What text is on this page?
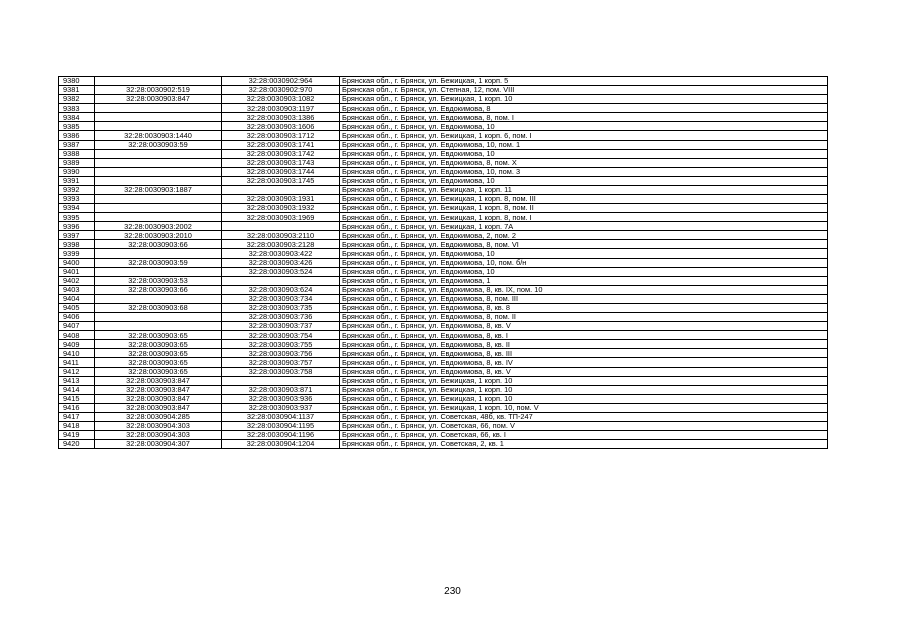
9380		32:28:0030902:964	Брянская обл., г. Брянск, ул. Бежицкая, 1 корп. 5
9381	32:28:0030902:519	32:28:0030902:970	Брянская обл., г. Брянск, ул. Степная, 12, пом. VIII
9382	32:28:0030903:847	32:28:0030903:1082	Брянская обл., г. Брянск, ул. Бежицкая, 1 корп. 10
9383		32:28:0030903:1197	Брянская обл., г. Брянск, ул. Евдокимова, 8
9384		32:28:0030903:1386	Брянская обл., г. Брянск, ул. Евдокимова, 8, пом. I
9385		32:28:0030903:1606	Брянская обл., г. Брянск, ул. Евдокимова, 10
9386	32:28:0030903:1440	32:28:0030903:1712	Брянская обл., г. Брянск, ул. Бежицкая, 1 корп. 6, пом. I
9387	32:28:0030903:59	32:28:0030903:1741	Брянская обл., г. Брянск, ул. Евдокимова, 10, пом. 1
9388		32:28:0030903:1742	Брянская обл., г. Брянск, ул. Евдокимова, 10
9389		32:28:0030903:1743	Брянская обл., г. Брянск, ул. Евдокимова, 8, пом. X
9390		32:28:0030903:1744	Брянская обл., г. Брянск, ул. Евдокимова, 10, пом. 3
9391		32:28:0030903:1745	Брянская обл., г. Брянск, ул. Евдокимова, 10
9392	32:28:0030903:1887		Брянская обл., г. Брянск, ул. Бежицкая, 1 корп. 11
9393		32:28:0030903:1931	Брянская обл., г. Брянск, ул. Бежицкая, 1 корп. 8, пом. III
9394		32:28:0030903:1932	Брянская обл., г. Брянск, ул. Бежицкая, 1 корп. 8, пом. II
9395		32:28:0030903:1969	Брянская обл., г. Брянск, ул. Бежицкая, 1 корп. 8, пом. I
9396	32:28:0030903:2002		Брянская обл., г. Брянск, ул. Бежицкая, 1 корп. 7А
9397	32:28:0030903:2010	32:28:0030903:2110	Брянская обл., г. Брянск, ул. Евдокимова, 2, пом. 2
9398	32:28:0030903:66	32:28:0030903:2128	Брянская обл., г. Брянск, ул. Евдокимова, 8, пом. VI
9399		32:28:0030903:422	Брянская обл., г. Брянск, ул. Евдокимова, 10
9400	32:28:0030903:59	32:28:0030903:426	Брянская обл., г. Брянск, ул. Евдокимова, 10, пом. б/н
9401		32:28:0030903:524	Брянская обл., г. Брянск, ул. Евдокимова, 10
9402	32:28:0030903:53		Брянская обл., г. Брянск, ул. Евдокимова, 1
9403	32:28:0030903:66	32:28:0030903:624	Брянская обл., г. Брянск, ул. Евдокимова, 8, кв. IX, пом. 10
9404		32:28:0030903:734	Брянская обл., г. Брянск, ул. Евдокимова, 8, пом. III
9405	32:28:0030903:68	32:28:0030903:735	Брянская обл., г. Брянск, ул. Евдокимова, 8, кв. 8
9406		32:28:0030903:736	Брянская обл., г. Брянск, ул. Евдокимова, 8, пом. II
9407		32:28:0030903:737	Брянская обл., г. Брянск, ул. Евдокимова, 8, кв. V
9408	32:28:0030903:65	32:28:0030903:754	Брянская обл., г. Брянск, ул. Евдокимова, 8, кв. I
9409	32:28:0030903:65	32:28:0030903:755	Брянская обл., г. Брянск, ул. Евдокимова, 8, кв. II
9410	32:28:0030903:65	32:28:0030903:756	Брянская обл., г. Брянск, ул. Евдокимова, 8, кв. III
9411	32:28:0030903:65	32:28:0030903:757	Брянская обл., г. Брянск, ул. Евдокимова, 8, кв. IV
9412	32:28:0030903:65	32:28:0030903:758	Брянская обл., г. Брянск, ул. Евдокимова, 8, кв. V
9413	32:28:0030903:847		Брянская обл., г. Брянск, ул. Бежицкая, 1 корп. 10
9414	32:28:0030903:847	32:28:0030903:871	Брянская обл., г. Брянск, ул. Бежицкая, 1 корп. 10
9415	32:28:0030903:847	32:28:0030903:936	Брянская обл., г. Брянск, ул. Бежицкая, 1 корп. 10
9416	32:28:0030903:847	32:28:0030903:937	Брянская обл., г. Брянск, ул. Бежицкая, 1 корп. 10, пом. V
9417	32:28:0030904:285	32:28:0030904:1137	Брянская обл., г. Брянск, ул. Советская, 48б, кв. ТП-247
9418	32:28:0030904:303	32:28:0030904:1195	Брянская обл., г. Брянск, ул. Советская, 66, пом. V
9419	32:28:0030904:303	32:28:0030904:1196	Брянская обл., г. Брянск, ул. Советская, 66, кв. I
9420	32:28:0030904:307	32:28:0030904:1204	Брянская обл., г. Брянск, ул. Советская, 2, кв. 1
230
